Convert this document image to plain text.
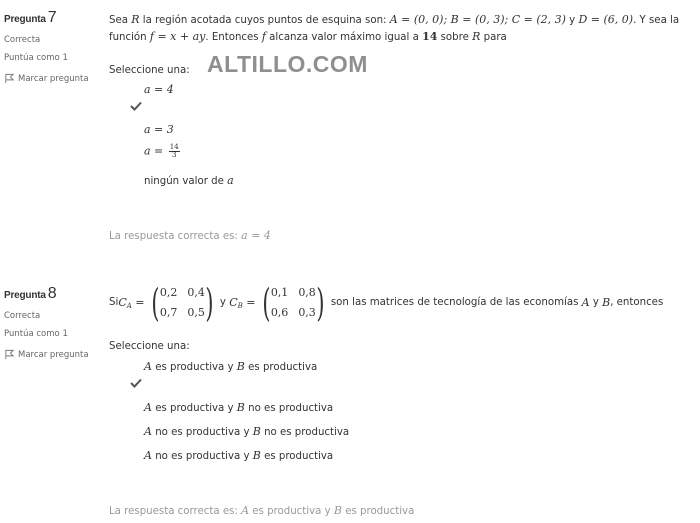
Pregunta 7
Correcta
Puntúa como 1
Marcar pregunta
Sea R la región acotada cuyos puntos de esquina son: A = (0, 0); B = (0, 3); C = (2, 3) y D = (6, 0). Y sea la
función f = x + ay. Entonces f alcanza valor máximo igual a 14 sobre R para
Seleccione una: ALTILLO.COM
a = 4
a = 3
$a = \frac{14}{3}$
ningún valor de a
La respuesta correcta es: a = 4
Pregunta 8
Correcta
Puntúa como 1
Marcar pregunta
Si C A = ( 0,2 0,4
0,7 0,5 ) y C B = ( 0,1 0,8
0,6 0,3 ) son las matrices de tecnología de las economías A y B , entonces
Seleccione una:
A es productiva y B es productiva
A es productiva y B no es productiva
A no es productiva y B no es productiva
A no es productiva y B es productiva
La respuesta correcta es: A es productiva y B es productiva
